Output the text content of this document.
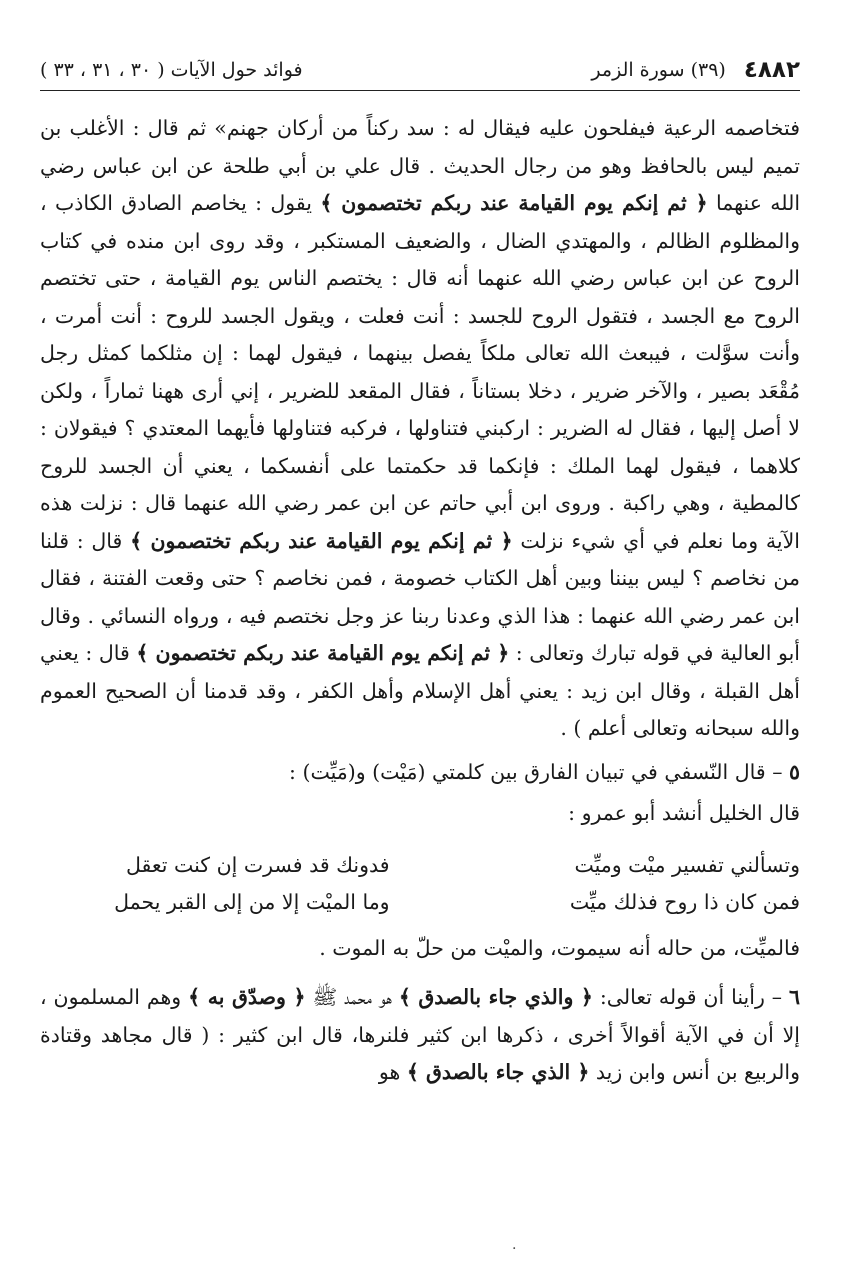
٤٨٨٢
(٣٩) سورة الزمر
فوائد حول الآيات ( ٣٠ ، ٣١ ، ٣٣ )

فتخاصمه الرعية فيفلحون عليه فيقال له : سد ركناً من أركان جهنم» ثم قال : الأغلب بن تميم ليس بالحافظ وهو من رجال الحديث . قال علي بن أبي طلحة عن ابن عباس رضي الله عنهما ﴿ ثم إنكم يوم القيامة عند ربكم تختصمون ﴾ يقول : يخاصم الصادق الكاذب ، والمظلوم الظالم ، والمهتدي الضال ، والضعيف المستكبر ، وقد روى ابن منده في كتاب الروح عن ابن عباس رضي الله عنهما أنه قال : يختصم الناس يوم القيامة ، حتى تختصم الروح مع الجسد ، فتقول الروح للجسد : أنت فعلت ، ويقول الجسد للروح : أنت أمرت ، وأنت سوَّلت ، فيبعث الله تعالى ملكاً يفصل بينهما ، فيقول لهما : إن مثلكما كمثل رجل مُقْعَد بصير ، والآخر ضرير ، دخلا بستاناً ، فقال المقعد للضرير ، إني أرى ههنا ثماراً ، ولكن لا أصل إليها ، فقال له الضرير : اركبني فتناولها ، فركبه فتناولها فأيهما المعتدي ؟ فيقولان : كلاهما ، فيقول لهما الملك : فإنكما قد حكمتما على أنفسكما ، يعني أن الجسد للروح كالمطية ، وهي راكبة . وروى ابن أبي حاتم عن ابن عمر رضي الله عنهما قال : نزلت هذه الآية وما نعلم في أي شيء نزلت ﴿ ثم إنكم يوم القيامة عند ربكم تختصمون ﴾ قال : قلنا من نخاصم ؟ ليس بيننا وبين أهل الكتاب خصومة ، فمن نخاصم ؟ حتى وقعت الفتنة ، فقال ابن عمر رضي الله عنهما : هذا الذي وعدنا ربنا عز وجل نختصم فيه ، ورواه النسائي . وقال أبو العالية في قوله تبارك وتعالى : ﴿ ثم إنكم يوم القيامة عند ربكم تختصمون ﴾ قال : يعني أهل القبلة ، وقال ابن زيد : يعني أهل الإسلام وأهل الكفر ، وقد قدمنا أن الصحيح العموم والله سبحانه وتعالى أعلم ) .

٥ – قال النّسفي في تبيان الفارق بين كلمتي (مَيْت) و(مَيِّت) :

قال الخليل أنشد أبو عمرو :

وتسألني تفسير ميْت وميِّت
فدونك قد فسرت إن كنت تعقل
فمن كان ذا روح فذلك ميِّت
وما الميْت إلا من إلى القبر يحمل

فالميِّت، من حاله أنه سيموت، والميْت من حلّ به الموت .

٦ – رأينا أن قوله تعالى: ﴿ والذي جاء بالصدق ﴾ هو محمد ﷺ ﴿ وصدّق به ﴾ وهم المسلمون ، إلا أن في الآية أقوالاً أخرى ، ذكرها ابن كثير فلنرها، قال ابن كثير : ( قال مجاهد وقتادة والربيع بن أنس وابن زيد ﴿ الذي جاء بالصدق ﴾ هو

.
